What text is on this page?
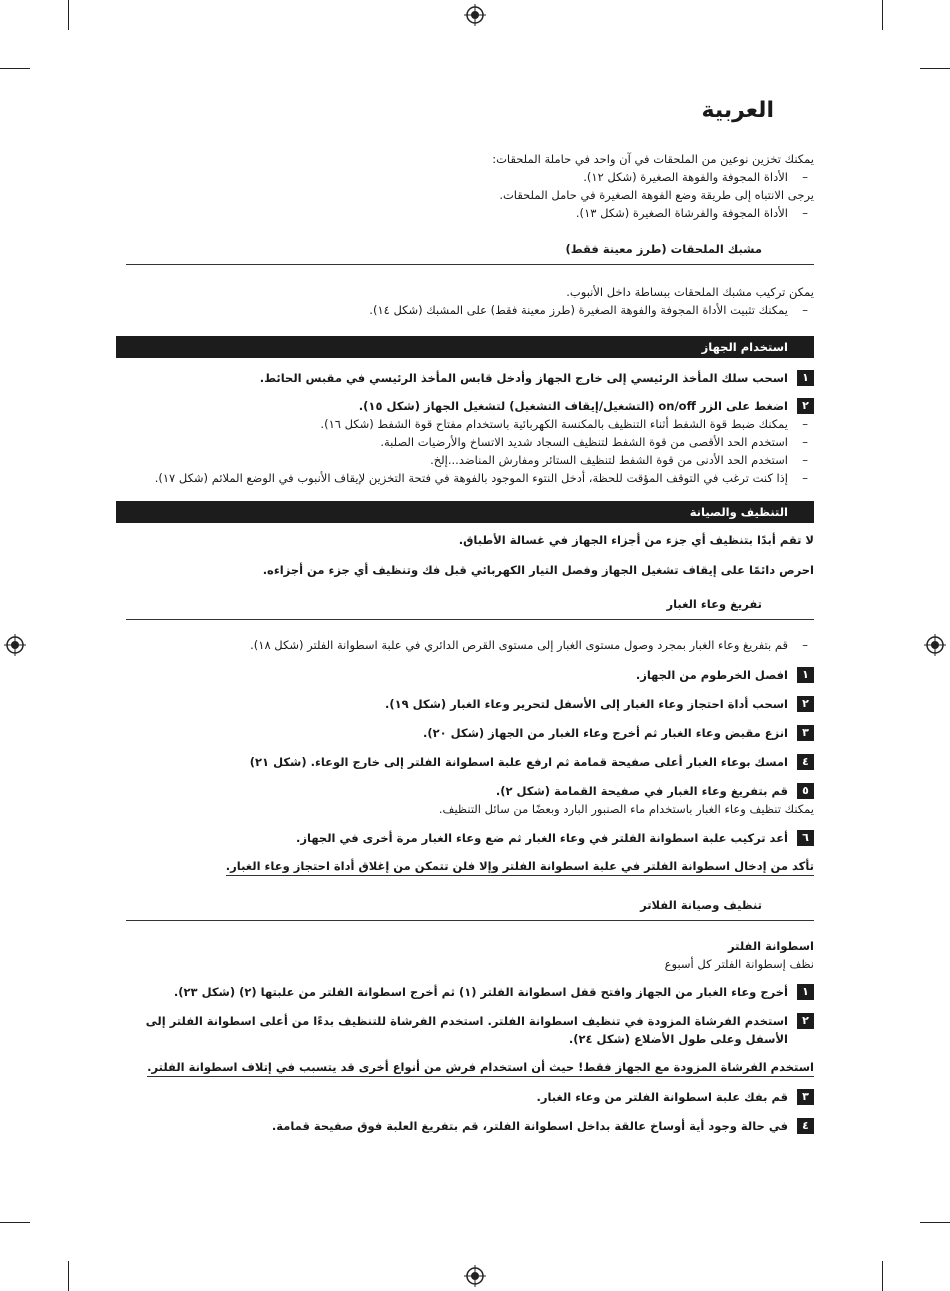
العربية

يمكنك تخزين نوعين من الملحقات في آن واحد في حاملة الملحقات:

– الأداة المجوفة والفوهة الصغيرة (شكل ١٢).

يرجى الانتباه إلى طريقة وضع الفوهة الصغيرة في حامل الملحقات.

– الأداة المجوفة والفرشاة الصغيرة (شكل ١٣).

مشبك الملحقات (طرز معينة فقط)

يمكن تركيب مشبك الملحقات ببساطة داخل الأنبوب.

– يمكنك تثبيت الأداة المجوفة والفوهة الصغيرة (طرز معينة فقط) على المشبك (شكل ١٤).

استخدام الجهاز

١
اسحب سلك المأخذ الرئيسي إلى خارج الجهاز وأدخل قابس المأخذ الرئيسي في مقبس الحائط.

٢
اضغط على الزر on/off (التشغيل/إيقاف التشغيل) لتشغيل الجهاز (شكل ١٥).

– يمكنك ضبط قوة الشفط أثناء التنظيف بالمكنسة الكهربائية باستخدام مفتاح قوة الشفط (شكل ١٦).

– استخدم الحد الأقصى من قوة الشفط لتنظيف السجاد شديد الاتساخ والأرضيات الصلبة.

– استخدم الحد الأدنى من قوة الشفط لتنظيف الستائر ومفارش المناضد...إلخ.

– إذا كنت ترغب في التوقف المؤقت للحظة، أدخل النتوء الموجود بالفوهة في فتحة التخزين لإيقاف الأنبوب في الوضع الملائم (شكل ١٧).

التنظيف والصيانة

لا تقم أبدًا بتنظيف أي جزء من أجزاء الجهاز في غسالة الأطباق.

احرص دائمًا على إيقاف تشغيل الجهاز وفصل التيار الكهربائي قبل فك وتنظيف أي جزء من أجزاءه.

تفريغ وعاء الغبار

– قم بتفريغ وعاء الغبار بمجرد وصول مستوى الغبار إلى مستوى القرص الدائري في علبة اسطوانة الفلتر (شكل ١٨).

١
افصل الخرطوم من الجهاز.

٢
اسحب أداة احتجاز وعاء الغبار إلى الأسفل لتحرير وعاء الغبار (شكل ١٩).

٣
انزع مقبض وعاء الغبار ثم أخرج وعاء الغبار من الجهاز (شكل ٢٠).

٤
امسك بوعاء الغبار أعلى صفيحة قمامة ثم ارفع علبة اسطوانة الفلتر إلى خارج الوعاء. (شكل ٢١)

٥
قم بتفريغ وعاء الغبار في صفيحة القمامة (شكل ٢).

يمكنك تنظيف وعاء الغبار باستخدام ماء الصنبور البارد وبعضًا من سائل التنظيف.

٦
أعد تركيب علبة اسطوانة الفلتر في وعاء الغبار ثم ضع وعاء الغبار مرة أخرى في الجهاز.

تأكد من إدخال اسطوانة الفلتر في علبة اسطوانة الفلتر وإلا فلن تتمكن من إغلاق أداة احتجاز وعاء الغبار.

تنظيف وصيانة الفلاتر

اسطوانة الفلتر

نظف إسطوانة الفلتر كل أسبوع

١
أخرج وعاء الغبار من الجهاز وافتح قفل اسطوانة الفلتر (١) ثم أخرج اسطوانة الفلتر من علبتها (٢) (شكل ٢٣).

٢
استخدم الفرشاة المزودة في تنظيف اسطوانة الفلتر. استخدم الفرشاة للتنظيف بدءًا من أعلى اسطوانة الفلتر إلى الأسفل وعلى طول الأضلاع (شكل ٢٤).

استخدم الفرشاة المزودة مع الجهاز فقط! حيث أن استخدام فرش من أنواع أخرى قد يتسبب في إتلاف اسطوانة الفلتر.

٣
قم بفك علبة اسطوانة الفلتر من وعاء الغبار.

٤
في حالة وجود أية أوساخ عالقة بداخل اسطوانة الفلتر، قم بتفريغ العلبة فوق صفيحة قمامة.
